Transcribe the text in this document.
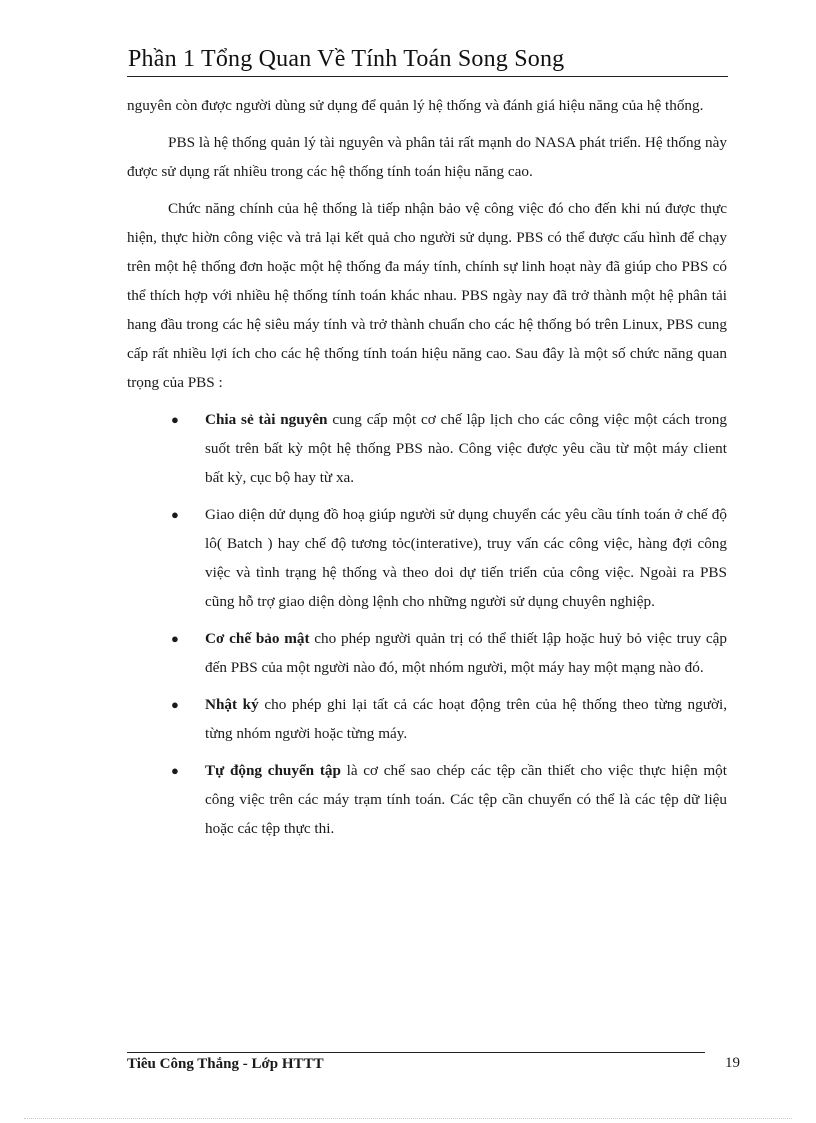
Phần 1 Tổng Quan Về Tính Toán Song Song

nguyên còn được người dùng sử dụng để quản lý hệ thống và đánh giá hiệu năng của hệ thống.

PBS là hệ thống quản lý tài nguyên và phân tải rất mạnh do NASA phát triển. Hệ thống này được sử dụng rất nhiều trong các hệ thống tính toán hiệu năng cao.

Chức năng chính của hệ thống là tiếp nhận bảo vệ công việc đó cho đến khi nú được thực hiện, thực hiờn công việc và trả lại kết quả cho người sử dụng. PBS có thể được cấu hình để chạy trên một hệ thống đơn hoặc một hệ thống đa máy tính, chính sự linh hoạt này đã giúp cho PBS có thể thích hợp với nhiều hệ thống tính toán khác nhau. PBS ngày nay đã trở thành một hệ phân tải hang đầu trong các hệ siêu máy tính và trở thành chuẩn cho các hệ thống bó trên Linux, PBS cung cấp rất nhiều lợi ích cho các hệ thống tính toán hiệu năng cao. Sau đây là một số chức năng quan trọng của PBS :

● Chia sẻ tài nguyên cung cấp một cơ chế lập lịch cho các công việc một cách trong suốt trên bất kỳ một hệ thống PBS nào. Công việc được yêu cầu từ một máy client bất kỳ, cục bộ hay từ xa.
● Giao diện dử dụng đồ hoạ giúp người sử dụng chuyển các yêu cầu tính toán ở chế độ lô( Batch ) hay chế độ tương tỏc(interative), truy vấn các công việc, hàng đợi công việc và tình trạng hệ thống và theo doi dự tiến triển của công việc. Ngoài ra PBS cũng hỗ trợ giao diện dòng lệnh cho những người sử dụng chuyên nghiệp.
● Cơ chế bảo mật cho phép người quản trị có thể thiết lập hoặc huỷ bỏ việc truy cập đến PBS của một người nào đó, một nhóm người, một máy hay một mạng nào đó.
● Nhật ký cho phép ghi lại tất cả các hoạt động trên của hệ thống theo từng người, từng nhóm người hoặc từng máy.
● Tự động chuyển tập là cơ chế sao chép các tệp cần thiết cho việc thực hiện một công việc trên các máy trạm tính toán. Các tệp cần chuyển có thể là các tệp dữ liệu hoặc các tệp thực thi.
Tiêu Công Thắng - Lớp HTTT	19
